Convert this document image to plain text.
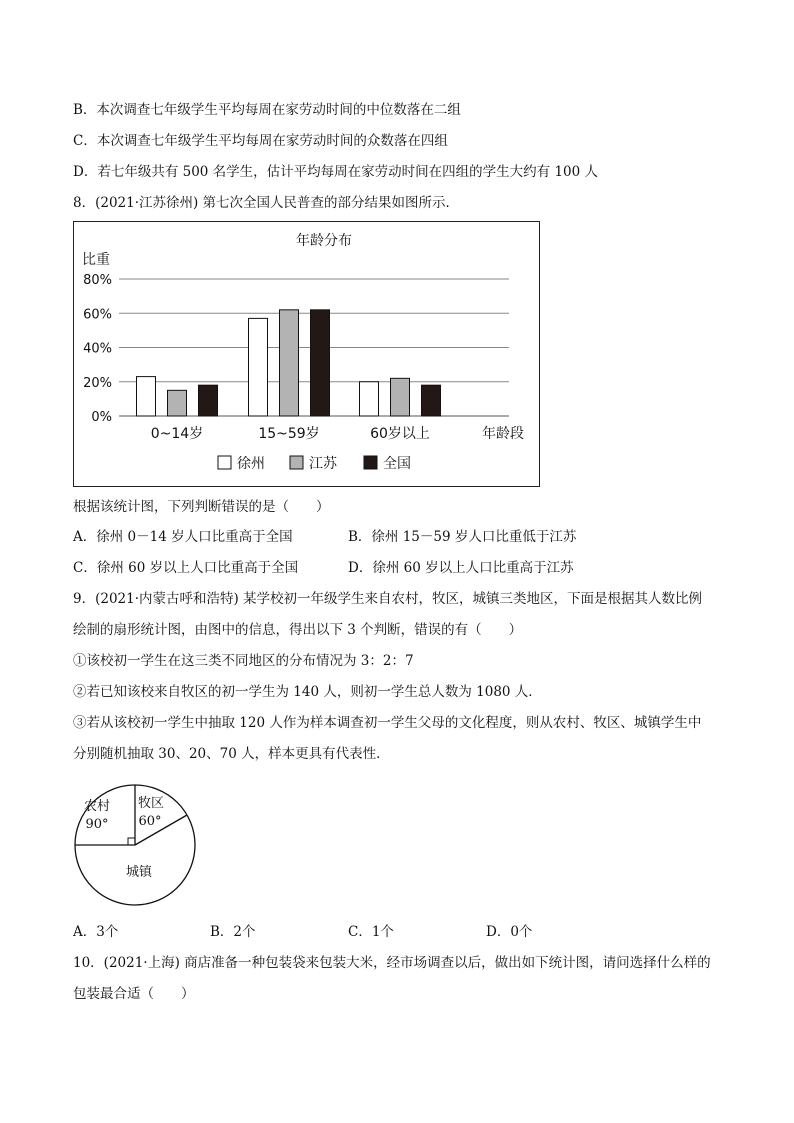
B．本次调查七年级学生平均每周在家劳动时间的中位数落在二组
C．本次调查七年级学生平均每周在家劳动时间的众数落在四组
D．若七年级共有 500 名学生，估计平均每周在家劳动时间在四组的学生大约有 100 人
8．(2021·江苏徐州) 第七次全国人民普查的部分结果如图所示．
年龄分布
比重
年龄段
0%
20%
40%
60%
80%
0~14岁	15~59岁	60岁以上
徐州	江苏	全国
根据该统计图，下列判断错误的是（　　）
A．徐州 0－14 岁人口比重高于全国	B．徐州 15－59 岁人口比重低于江苏
C．徐州 60 岁以上人口比重高于全国	D．徐州 60 岁以上人口比重高于江苏
9．(2021·内蒙古呼和浩特) 某学校初一年级学生来自农村，牧区，城镇三类地区，下面是根据其人数比例
绘制的扇形统计图，由图中的信息，得出以下 3 个判断，错误的有（　　）
①该校初一学生在这三类不同地区的分布情况为 3：2：7
②若已知该校来自牧区的初一学生为 140 人，则初一学生总人数为 1080 人．
③若从该校初一学生中抽取 120 人作为样本调查初一学生父母的文化程度，则从农村、牧区、城镇学生中
分别随机抽取 30、20、70 人，样本更具有代表性．
农村
90°
牧区
60°
城镇
A．3个	B．2个	C．1个	D．0个
10．(2021·上海) 商店准备一种包装袋来包装大米，经市场调查以后，做出如下统计图，请问选择什么样的
包装最合适（　　）
